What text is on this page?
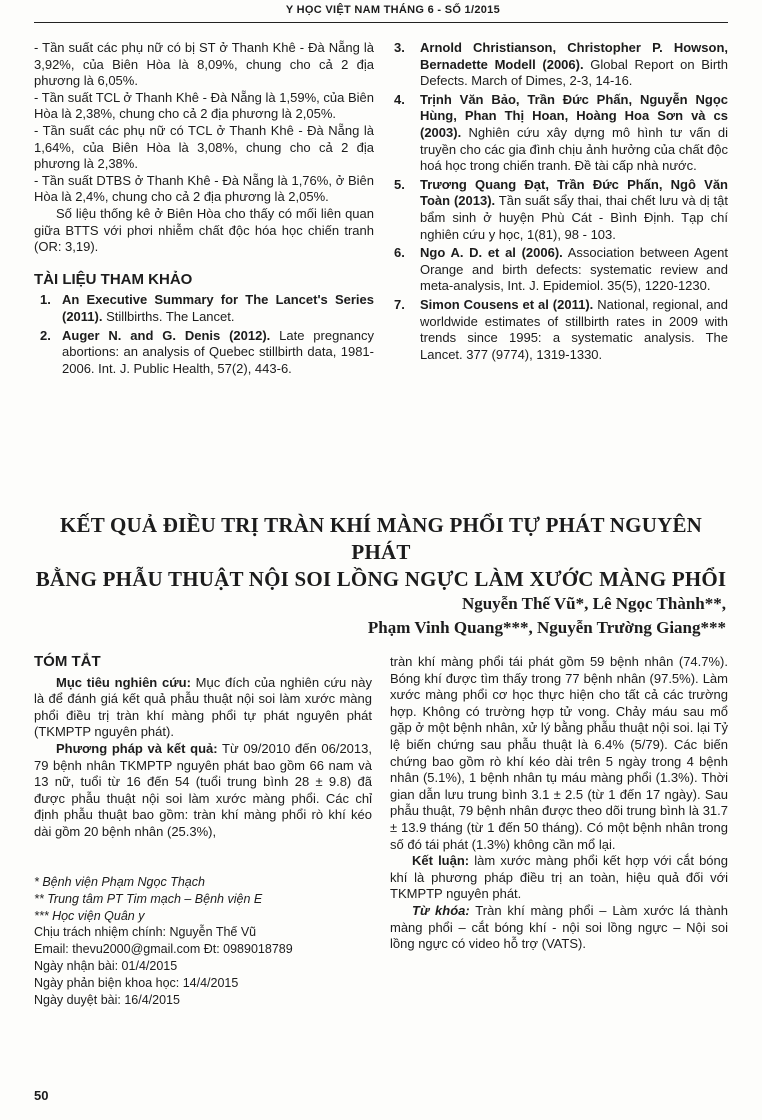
Y HỌC VIỆT NAM THÁNG 6 - SỐ 1/2015

- Tần suất các phụ nữ có bị ST ở Thanh Khê - Đà Nẵng là 3,92%, của Biên Hòa là 8,09%, chung cho cả 2 địa phương là 6,05%.

- Tần suất TCL ở Thanh Khê - Đà Nẵng là 1,59%, của Biên Hòa là 2,38%, chung cho cả 2 địa phương là 2,05%.

- Tần suất các phụ nữ có TCL ở Thanh Khê - Đà Nẵng là 1,64%, của Biên Hòa là 3,08%, chung cho cả 2 địa phương là 2,38%.

- Tần suất DTBS ở Thanh Khê - Đà Nẵng là 1,76%, ở Biên Hòa là 2,4%, chung cho cả 2 địa phương là 2,05%.

Số liệu thống kê ở Biên Hòa cho thấy có mối liên quan giữa BTTS với phơi nhiễm chất độc hóa học chiến tranh (OR: 3,19).

TÀI LIỆU THAM KHẢO
1. An Executive Summary for The Lancet's Series (2011). Stillbirths. The Lancet.
2. Auger N. and G. Denis (2012). Late pregnancy abortions: an analysis of Quebec stillbirth data, 1981-2006. Int. J. Public Health, 57(2), 443-6.
3. Arnold Christianson, Christopher P. Howson, Bernadette Modell (2006). Global Report on Birth Defects. March of Dimes, 2-3, 14-16.
4. Trịnh Văn Bảo, Trần Đức Phấn, Nguyễn Ngọc Hùng, Phan Thị Hoan, Hoàng Hoa Sơn và cs (2003). Nghiên cứu xây dựng mô hình tư vấn di truyền cho các gia đình chịu ảnh hưởng của chất độc hoá học trong chiến tranh. Đề tài cấp nhà nước.
5. Trương Quang Đạt, Trần Đức Phấn, Ngô Văn Toàn (2013). Tần suất sẩy thai, thai chết lưu và dị tật bẩm sinh ở huyện Phù Cát - Bình Định. Tạp chí nghiên cứu y học, 1(81), 98 - 103.
6. Ngo A. D. et al (2006). Association between Agent Orange and birth defects: systematic review and meta-analysis, Int. J. Epidemiol. 35(5), 1220-1230.
7. Simon Cousens et al (2011). National, regional, and worldwide estimates of stillbirth rates in 2009 with trends since 1995: a systematic analysis. The Lancet. 377 (9774), 1319-1330.
KẾT QUẢ ĐIỀU TRỊ TRÀN KHÍ MÀNG PHỔI TỰ PHÁT NGUYÊN PHÁT
BẰNG PHẪU THUẬT NỘI SOI LỒNG NGỰC LÀM XƯỚC MÀNG PHỔI
Nguyễn Thế Vũ*, Lê Ngọc Thành**,
Phạm Vinh Quang***, Nguyễn Trường Giang***
TÓM TẮT

Mục tiêu nghiên cứu: Mục đích của nghiên cứu này là để đánh giá kết quả phẫu thuật nội soi làm xước màng phổi điều trị tràn khí màng phổi tự phát nguyên phát (TKMPTP nguyên phát).

Phương pháp và kết quả: Từ 09/2010 đến 06/2013, 79 bệnh nhân TKMPTP nguyên phát bao gồm 66 nam và 13 nữ, tuổi từ 16 đến 54 (tuổi trung bình 28 ± 9.8) đã được phẫu thuật nội soi làm xước màng phổi. Các chỉ định phẫu thuật bao gồm: tràn khí màng phổi rò khí kéo dài gồm 20 bệnh nhân (25.3%),

* Bệnh viện Phạm Ngọc Thạch
** Trung tâm PT Tim mạch – Bệnh viện E
*** Học viện Quân y
Chịu trách nhiệm chính: Nguyễn Thế Vũ
Email: thevu2000@gmail.com Đt: 0989018789
Ngày nhận bài: 01/4/2015
Ngày phản biện khoa học: 14/4/2015
Ngày duyệt bài: 16/4/2015

tràn khí màng phổi tái phát gồm 59 bệnh nhân (74.7%). Bóng khí được tìm thấy trong 77 bệnh nhân (97.5%). Làm xước màng phổi cơ học thực hiện cho tất cả các trường hợp. Không có trường hợp tử vong. Chảy máu sau mổ gặp ở một bệnh nhân, xử lý bằng phẫu thuật nội soi. lại Tỷ lệ biến chứng sau phẫu thuật là 6.4% (5/79). Các biến chứng bao gồm rò khí kéo dài trên 5 ngày trong 4 bệnh nhân (5.1%), 1 bệnh nhân tụ máu màng phổi (1.3%). Thời gian dẫn lưu trung bình 3.1 ± 2.5 (từ 1 đến 17 ngày). Sau phẫu thuật, 79 bệnh nhân được theo dõi trung bình là 31.7 ± 13.9 tháng (từ 1 đến 50 tháng). Có một bệnh nhân trong số đó tái phát (1.3%) không cần mổ lại.

Kết luận: làm xước màng phổi kết hợp với cắt bóng khí là phương pháp điều trị an toàn, hiệu quả đối với TKMPTP nguyên phát.

Từ khóa: Tràn khí màng phổi – Làm xước lá thành màng phổi – cắt bóng khí - nội soi lồng ngực – Nội soi lồng ngực có video hỗ trợ (VATS).

50
